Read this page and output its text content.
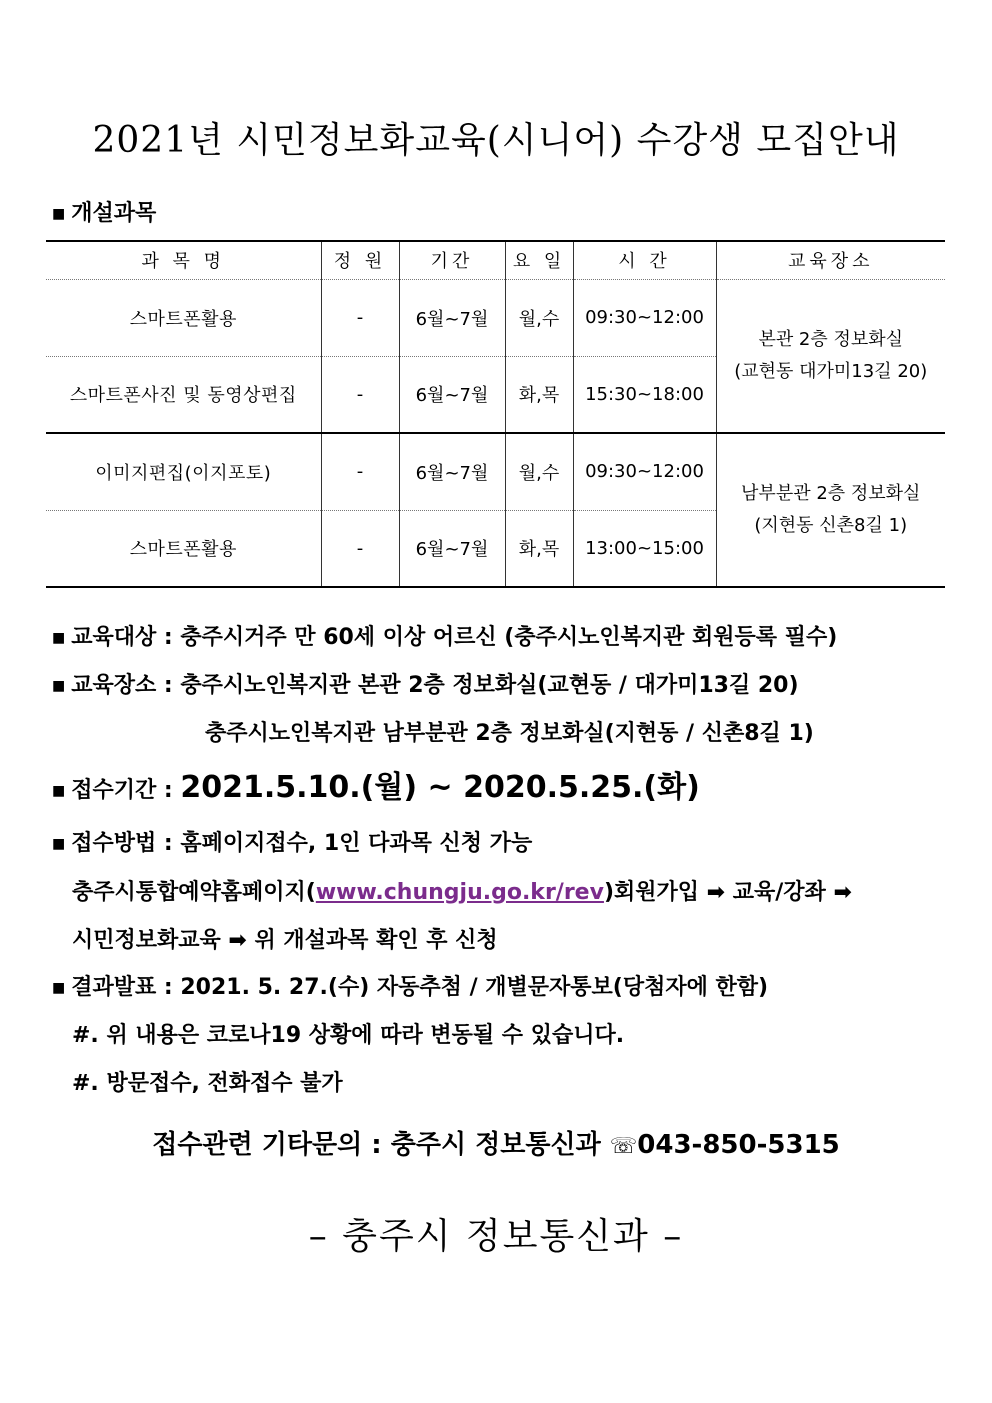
2021년 시민정보화교육(시니어) 수강생 모집안내
■ 개설과목
과 목 명	정 원	기간	요 일	시 간	교육장소
스마트폰활용	-	6월~7월	월,수	09:30~12:00	본관 2층 정보화실
(교현동 대가미13길 20)

스마트폰사진 및 동영상편집	-	6월~7월	화,목	15:30~18:00	
이미지편집(이지포토)	-	6월~7월	월,수	09:30~12:00	남부분관 2층 정보화실
(지현동 신촌8길 1)

스마트폰활용	-	6월~7월	화,목	13:00~15:00	
■ 교육대상 : 충주시거주 만 60세 이상 어르신 (충주시노인복지관 회원등록 필수)
■ 교육장소 : 충주시노인복지관 본관 2층 정보화실(교현동 / 대가미13길 20)
충주시노인복지관 남부분관 2층 정보화실(지현동 / 신촌8길 1)
■ 접수기간 : 2021.5.10.(월) ~ 2020.5.25.(화)
■ 접수방법 : 홈페이지접수, 1인 다과목 신청 가능
충주시통합예약홈페이지(www.chungju.go.kr/rev)회원가입 ➡ 교육/강좌 ➡
시민정보화교육 ➡ 위 개설과목 확인 후 신청
■ 결과발표 : 2021. 5. 27.(수) 자동추첨 / 개별문자통보(당첨자에 한함)
#. 위 내용은 코로나19 상황에 따라 변동될 수 있습니다.
#. 방문접수, 전화접수 불가
접수관련 기타문의 : 충주시 정보통신과 ☏043-850-5315
– 충주시 정보통신과 –
